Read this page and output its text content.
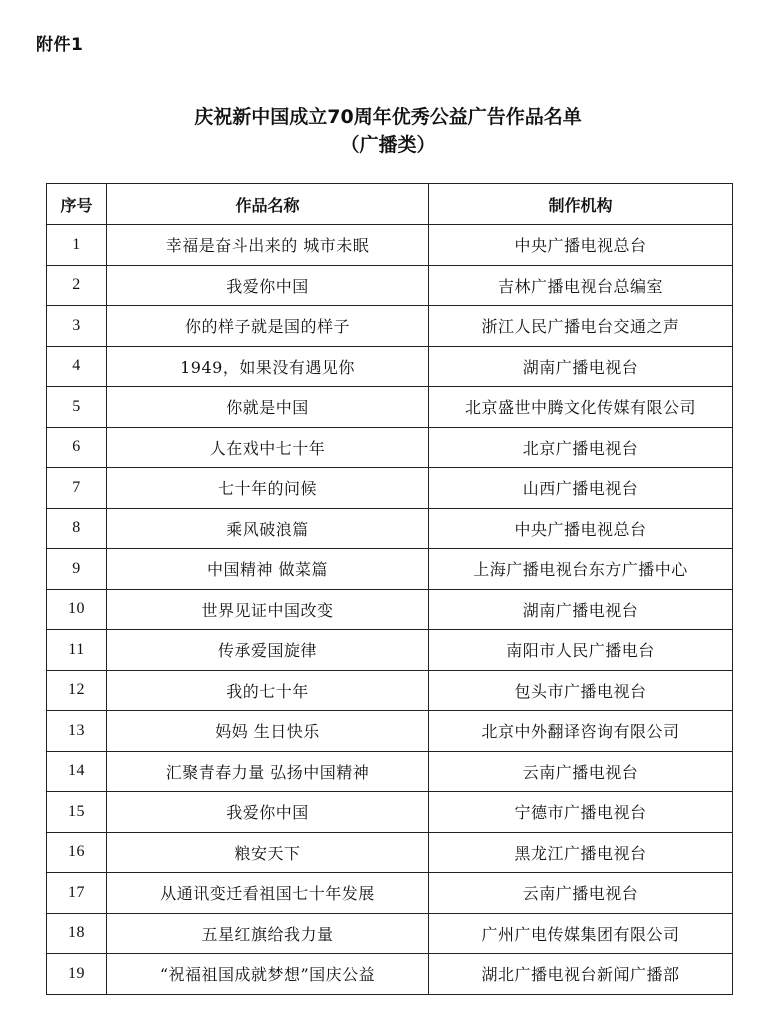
附件1
庆祝新中国成立70周年优秀公益广告作品名单
（广播类）
序号	作品名称	制作机构
1	幸福是奋斗出来的 城市未眠	中央广播电视总台
2	我爱你中国	吉林广播电视台总编室
3	你的样子就是国的样子	浙江人民广播电台交通之声
4	1949，如果没有遇见你	湖南广播电视台
5	你就是中国	北京盛世中腾文化传媒有限公司
6	人在戏中七十年	北京广播电视台
7	七十年的问候	山西广播电视台
8	乘风破浪篇	中央广播电视总台
9	中国精神 做菜篇	上海广播电视台东方广播中心
10	世界见证中国改变	湖南广播电视台
11	传承爱国旋律	南阳市人民广播电台
12	我的七十年	包头市广播电视台
13	妈妈 生日快乐	北京中外翻译咨询有限公司
14	汇聚青春力量 弘扬中国精神	云南广播电视台
15	我爱你中国	宁德市广播电视台
16	粮安天下	黑龙江广播电视台
17	从通讯变迁看祖国七十年发展	云南广播电视台
18	五星红旗给我力量	广州广电传媒集团有限公司
19	“祝福祖国成就梦想”国庆公益	湖北广播电视台新闻广播部
